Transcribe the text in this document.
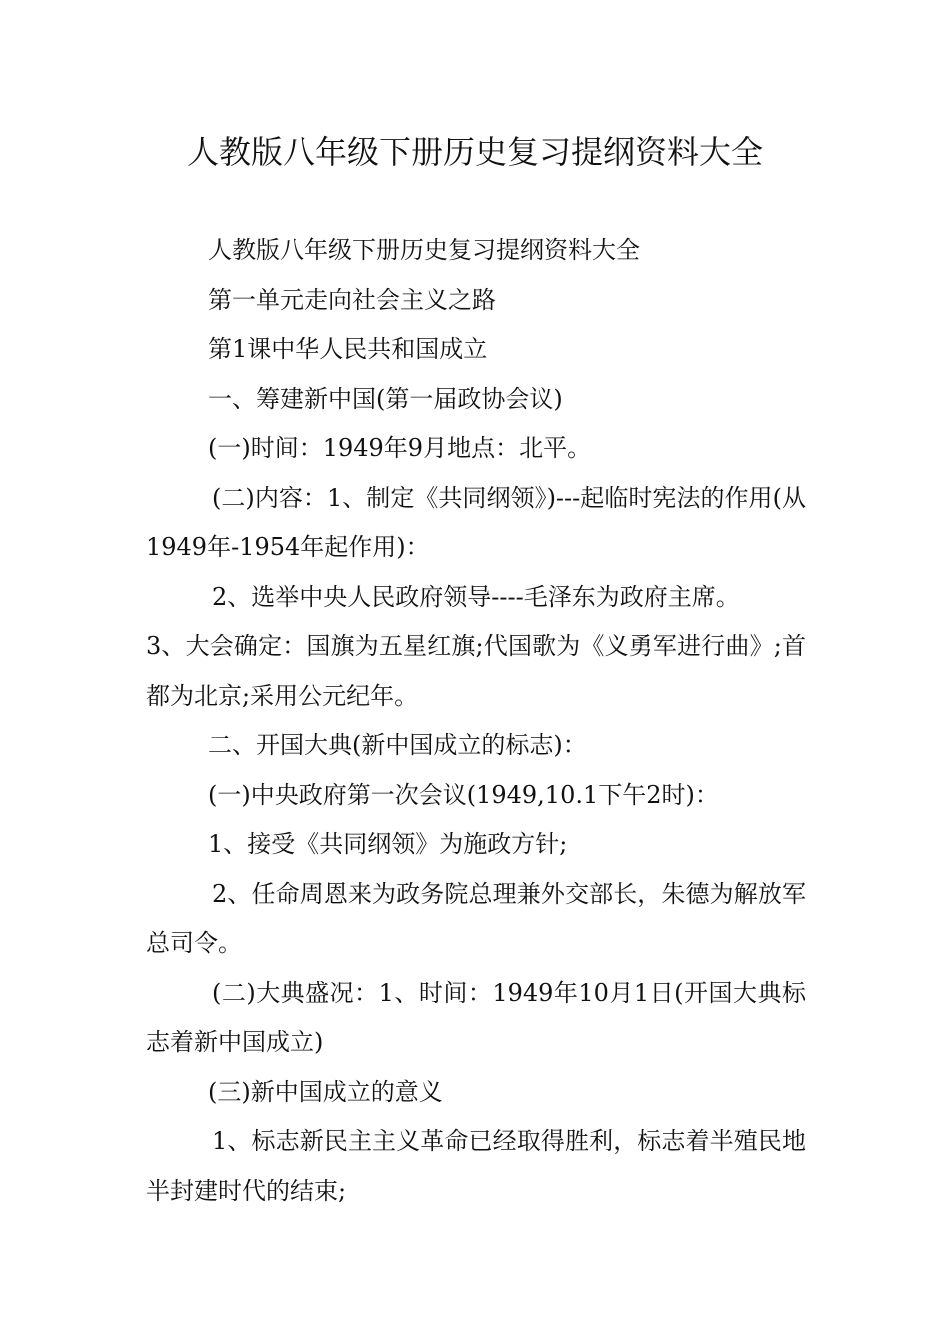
人教版八年级下册历史复习提纲资料大全

人教版八年级下册历史复习提纲资料大全

第一单元走向社会主义之路

第1课中华人民共和国成立

一、筹建新中国(第一届政协会议)

(一)时间：1949年9月地点：北平。

(二)内容：1、制定《共同纲领》)---起临时宪法的作用(从1949年-1954年起作用)：

2、选举中央人民政府领导----毛泽东为政府主席。

3、大会确定：国旗为五星红旗;代国歌为《义勇军进行曲》;首都为北京;采用公元纪年。

二、开国大典(新中国成立的标志)：

(一)中央政府第一次会议(1949,10.1下午2时)：

1、接受《共同纲领》为施政方针;

2、任命周恩来为政务院总理兼外交部长，朱德为解放军总司令。

(二)大典盛况：1、时间：1949年10月1日(开国大典标志着新中国成立)

(三)新中国成立的意义

1、标志新民主主义革命已经取得胜利，标志着半殖民地半封建时代的结束;
